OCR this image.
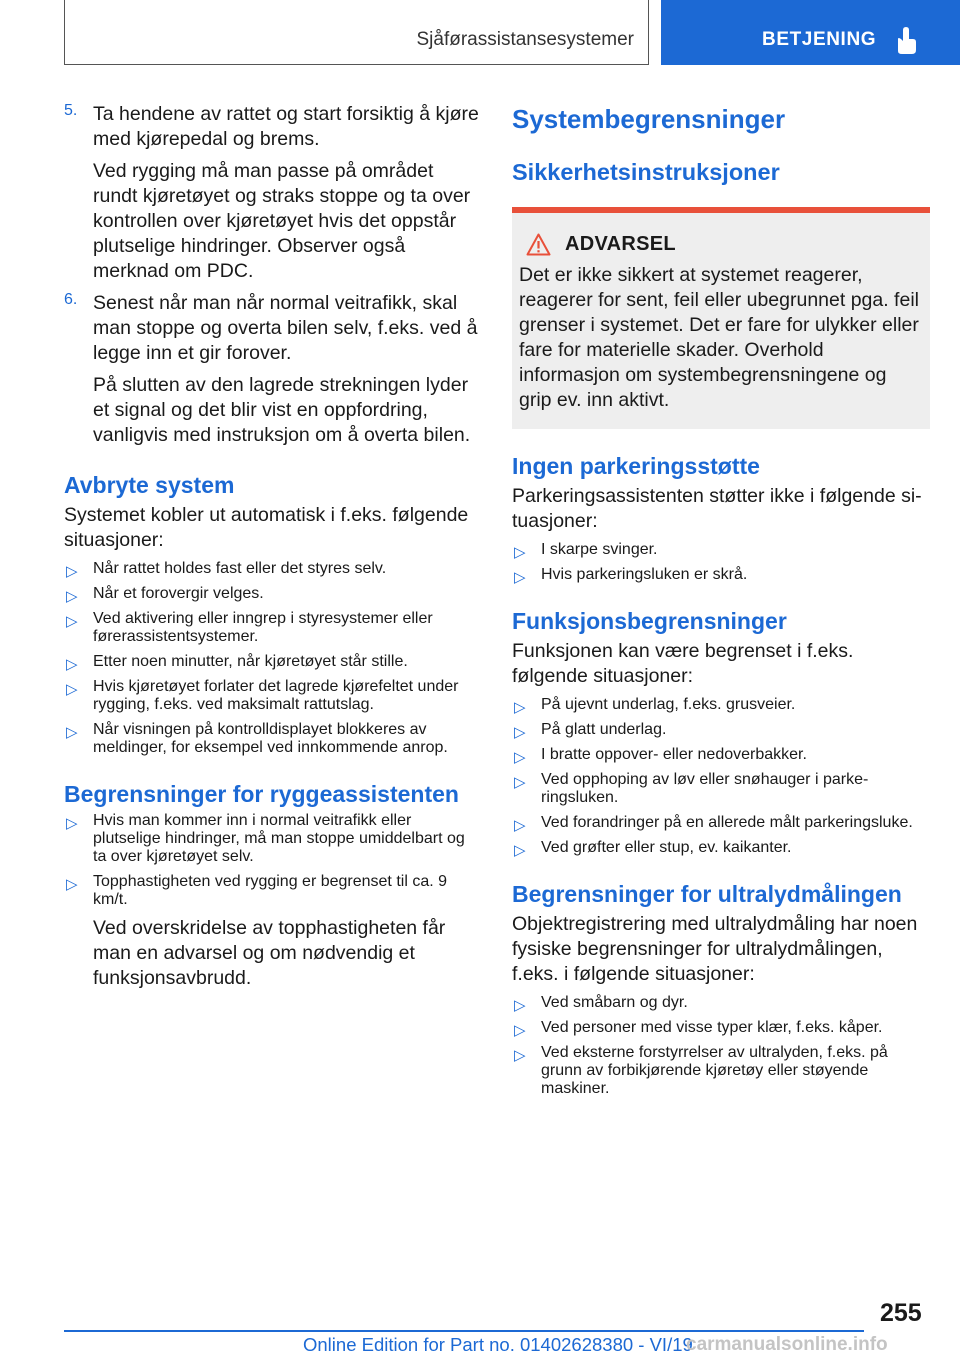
Sjåførassistansesystemer	BETJENING
5. Ta hendene av rattet og start forsiktig å kjøre med kjørepedal og brems.

Ved rygging må man passe på området rundt kjøretøyet og straks stoppe og ta over kontrollen over kjøretøyet hvis det oppstår plutselige hindringer. Observer også merknad om PDC.

6. Senest når man når normal veitrafikk, skal man stoppe og overta bilen selv, f.eks. ved å legge inn et gir forover.

På slutten av den lagrede strekningen lyder et signal og det blir vist en oppfordring, vanligvis med instruksjon om å overta bilen.

Avbryte system

Systemet kobler ut automatisk i f.eks. følgende situasjoner:

▷ Når rattet holdes fast eller det styres selv.
▷ Når et forovergir velges.
▷ Ved aktivering eller inngrep i styresystemer eller førerassistentsystemer.
▷ Etter noen minutter, når kjøretøyet står stille.
▷ Hvis kjøretøyet forlater det lagrede kjørefeltet under rygging, f.eks. ved maksimalt rattutslag.
▷ Når visningen på kontrolldisplayet blokkeres av meldinger, for eksempel ved innkommende anrop.
Begrensninger for ryggeassistenten
▷ Hvis man kommer inn i normal veitrafikk eller plutselige hindringer, må man stoppe umiddelbart og ta over kjøretøyet selv.
▷ Topphastigheten ved rygging er begrenset til ca. 9 km/t.

Ved overskridelse av topphastigheten får man en advarsel og om nødvendig et funksjonsavbrudd.

Systembegrensninger
Sikkerhetsinstruksjoner
ADVARSEL

Det er ikke sikkert at systemet reagerer, reagerer for sent, feil eller ubegrunnet pga. feil grenser i systemet. Det er fare for ulykker eller fare for materielle skader. Overhold informasjon om systembegrensningene og grip ev. inn aktivt.

Ingen parkeringsstøtte

Parkeringsassistenten støtter ikke i følgende situasjoner:

▷ I skarpe svinger.
▷ Hvis parkeringsluken er skrå.
Funksjonsbegrensninger

Funksjonen kan være begrenset i f.eks. følgende situasjoner:

▷ På ujevnt underlag, f.eks. grusveier.
▷ På glatt underlag.
▷ I bratte oppover- eller nedoverbakker.
▷ Ved opphoping av løv eller snøhauger i parkeringsluken.
▷ Ved forandringer på en allerede målt parkeringsluke.
▷ Ved grøfter eller stup, ev. kaikanter.
Begrensninger for ultralydmålingen

Objektregistrering med ultralydmåling har noen fysiske begrensninger for ultralydmålingen, f.eks. i følgende situasjoner:

▷ Ved småbarn og dyr.
▷ Ved personer med visse typer klær, f.eks. kåper.
▷ Ved eksterne forstyrrelser av ultralyden, f.eks. på grunn av forbikjørende kjøretøy eller støyende maskiner.
255
Online Edition for Part no. 01402628380 - VI/19
carmanualsonline.info
